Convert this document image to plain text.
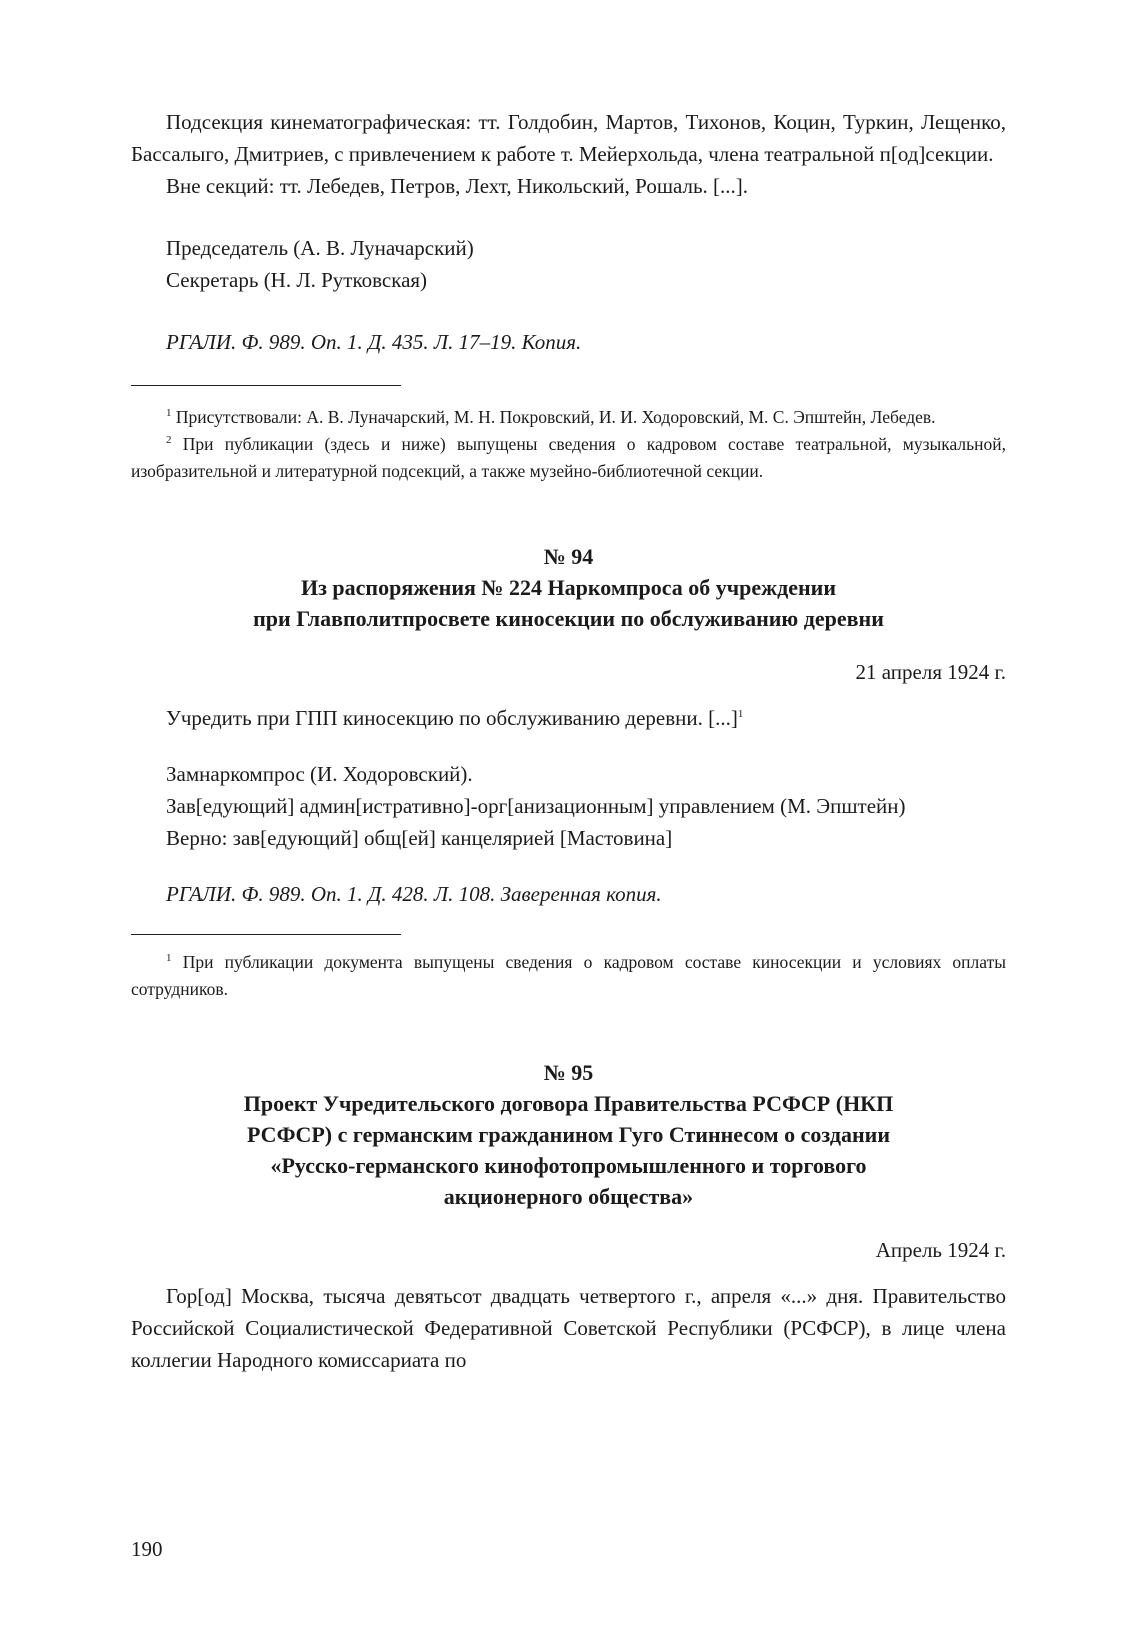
Подсекция кинематографическая: тт. Голдобин, Мартов, Тихонов, Коцин, Туркин, Лещенко, Бассалыго, Дмитриев, с привлечением к работе т. Мейерхольда, члена театральной п[од]секции.

Вне секций: тт. Лебедев, Петров, Лехт, Никольский, Рошаль. [...].

Председатель (А. В. Луначарский)

Секретарь (Н. Л. Рутковская)

РГАЛИ. Ф. 989. Оп. 1. Д. 435. Л. 17–19. Копия.

$^1$ Присутствовали: А. В. Луначарский, М. Н. Покровский, И. И. Ходоровский, М. С. Эпштейн, Лебедев.

$^2$ При публикации (здесь и ниже) выпущены сведения о кадровом составе театральной, музыкальной, изобразительной и литературной подсекций, а также музейно-библиотечной секции.

№ 94
Из распоряжения № 224 Наркомпроса об учреждении
при Главполитпросвете киносекции по обслуживанию деревни
21 апреля 1924 г.

Учредить при ГПП киносекцию по обслуживанию деревни. [...]$^1$

Замнаркомпрос (И. Ходоровский).

Зав[едующий] админ[истративно]-орг[анизационным] управлением (М. Эпштейн)

Верно: зав[едующий] общ[ей] канцелярией [Мастовина]

РГАЛИ. Ф. 989. Оп. 1. Д. 428. Л. 108. Заверенная копия.

$^1$ При публикации документа выпущены сведения о кадровом составе киносекции и условиях оплаты сотрудников.

№ 95
Проект Учредительского договора Правительства РСФСР (НКП
РСФСР) с германским гражданином Гуго Стиннесом о создании
«Русско-германского кинофотопромышленного и торгового
акционерного общества»
Апрель 1924 г.

Гор[од] Москва, тысяча девятьсот двадцать четвертого г., апреля «...» дня. Правительство Российской Социалистической Федеративной Советской Республики (РСФСР), в лице члена коллегии Народного комиссариата по

190
